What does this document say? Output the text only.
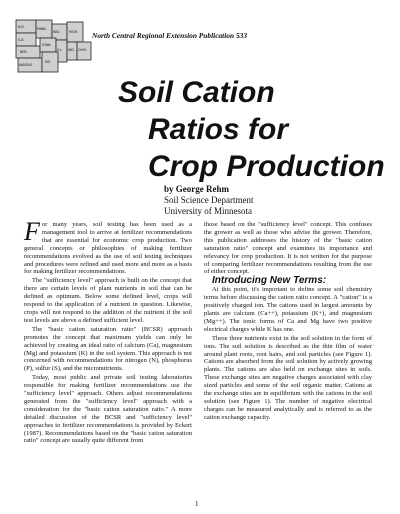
N.D.	MINN.
S.D.
WIS.	MICH.
NEB.
IOWA
ILL. IND. OHIO
KANSAS
MO.
North Central Regional Extension Publication 533
Soil Cation
Ratios for
Crop Production
by George Rehm
Soil Science Department
University of Minnesota

For many years, soil testing has been used as a management tool to arrive at fertilizer recommendations that are essential for economic crop production. Two general concepts or philosophies of making fertilizer recommendations evolved as the use of soil testing techniques and procedures were refined and used more and more as a basis for making fertilizer recommendations.

The "sufficiency level" approach is built on the concept that there are certain levels of plant nutrients in soil that can be defined as optimum. Below some defined level, crops will respond to the application of a nutrient in question. Likewise, crops will not respond to the addition of the nutrient if the soil test levels are above a defined sufficient level.

The "basic cation saturation ratio" (BCSR) approach promotes the concept that maximum yields can only be achieved by creating an ideal ratio of calcium (Ca), magnesium (Mg) and potassium (K) in the soil system. This approach is not concerned with recommendations for nitrogen (N), phosphorus (P), sulfur (S), and the micronutrients.

Today, most public and private soil testing laboratories responsible for making fertilizer recommendations use the "sufficiency level" approach. Others adjust recommendations generated from the "sufficiency level" approach with a consideration for the "basic cation saturation ratio." A more detailed discussion of the BCSR and "sufficiency level" approaches to fertilizer recommendations is provided by Eckert (1987). Recommendations based on the "basic cation saturation ratio" concept are usually quite different from

those based on the "sufficiency level" concept. This confuses the grower as well as those who advise the grower. Therefore, this publication addresses the history of the "basic cation saturation ratio" concept and examines its importance and relevancy for crop production. It is not written for the purpose of comparing fertilizer recommendations resulting from the use of either concept.

Introducing New Terms:

At this point, it's important to define some soil chemistry terms before discussing the cation ratio concept. A "cation" is a positively charged ion. The cations used in largest amounts by plants are calcium (Ca++), potassium (K+), and magnesium (Mg++). The ionic forms of Ca and Mg have two positive electrical charges while K has one.

These three nutrients exist in the soil solution in the form of ions. The soil solution is described as the thin film of water around plant roots, root hairs, and soil particles (see Figure 1). Cations are absorbed from the soil solution by actively growing plants. The cations are also held on exchange sites in soils. These exchange sites are negative charges associated with clay sized particles and some of the soil organic matter. Cations at the exchange sites are in equilibrium with the cations in the soil solution (see Figure 1). The number of negative electrical charges can be measured analytically and is referred to as the cation exchange capacity.

1
